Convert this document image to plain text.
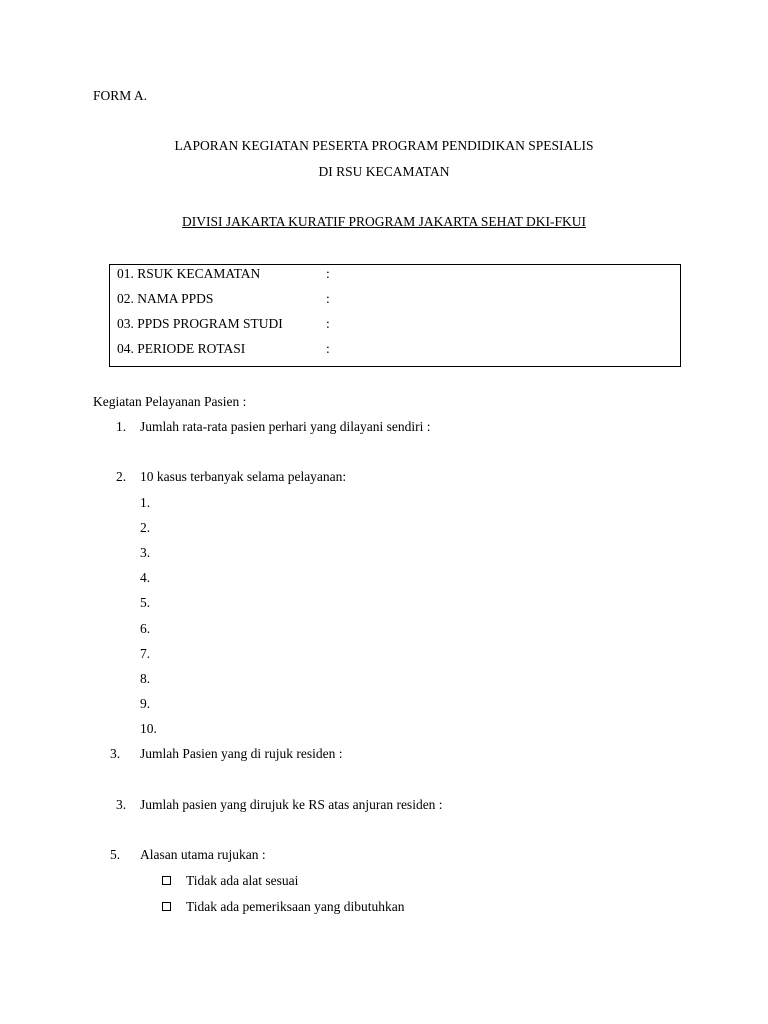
FORM A.
LAPORAN KEGIATAN PESERTA PROGRAM PENDIDIKAN SPESIALIS
DI RSU KECAMATAN
DIVISI JAKARTA KURATIF PROGRAM JAKARTA SEHAT DKI-FKUI
01. RSUK KECAMATAN	:
02. NAMA PPDS	:
03. PPDS PROGRAM STUDI	:
04. PERIODE ROTASI	:
Kegiatan Pelayanan Pasien :
1. Jumlah rata-rata pasien perhari yang dilayani sendiri :
2. 10 kasus terbanyak selama pelayanan:
1.
2.
3.
4.
5.
6.
7.
8.
9.
10.
3. Jumlah Pasien yang di rujuk residen :
3. Jumlah pasien yang dirujuk ke RS atas anjuran residen :
5. Alasan utama rujukan :
Tidak ada alat sesuai
Tidak ada pemeriksaan yang dibutuhkan
